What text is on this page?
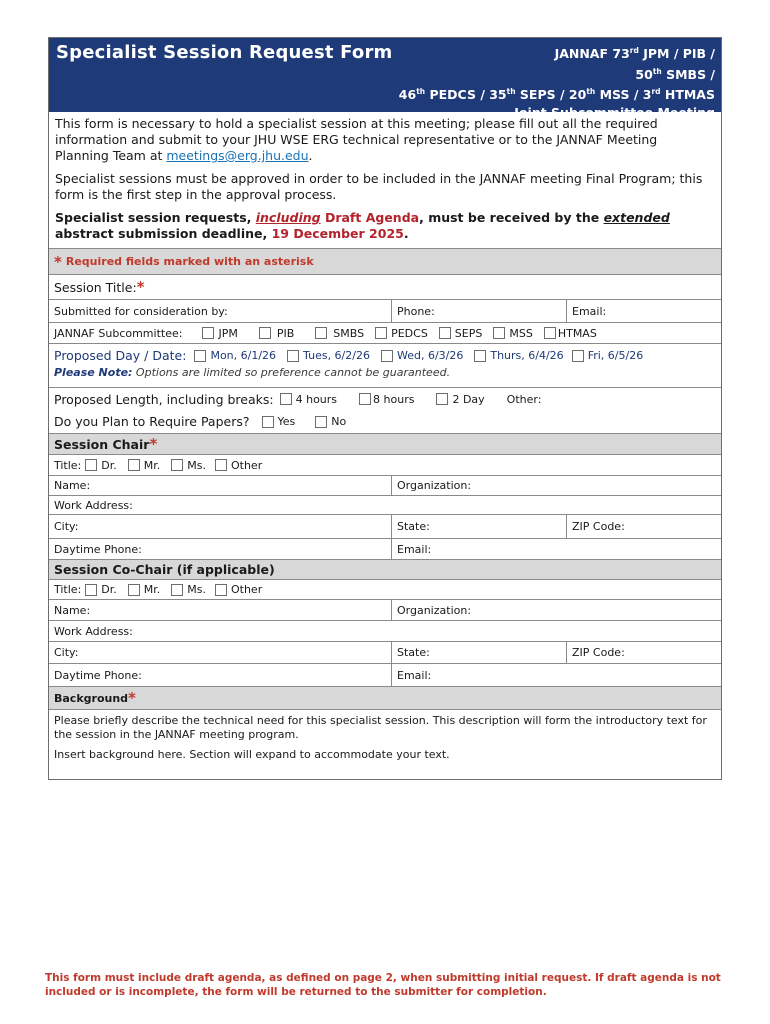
Specialist Session Request Form	JANNAF 73rd JPM / PIB /
50th SMBS /
46th PEDCS / 35th SEPS / 20th MSS / 3rd HTMAS
Joint Subcommittee Meeting

This form is necessary to hold a specialist session at this meeting; please fill out all the required information and submit to your JHU WSE ERG technical representative or to the JANNAF Meeting Planning Team at meetings@erg.jhu.edu.

Specialist sessions must be approved in order to be included in the JANNAF meeting Final Program; this form is the first step in the approval process.

Specialist session requests, including Draft Agenda, must be received by the extended abstract submission deadline, 19 December 2025.

* Required fields marked with an asterisk
Session Title: *
Submitted for consideration by:	Phone:	Email:
JANNAF Subcommittee:	JPM	PIB	SMBS PEDCS SEPS MSS HTMAS
Proposed Day / Date: Mon, 6/1/26 Tues, 6/2/26 Wed, 6/3/26 Thurs, 6/4/26 Fri, 6/5/26
Please Note: Options are limited so preference cannot be guaranteed.
Proposed Length, including breaks: 4 hours	8 hours	2 Day Other:
Do you Plan to Require Papers?	Yes	No
Session Chair *
Title: Dr. Mr. Ms. Other
Name:	Organization:
Work Address:
City:	State:	ZIP Code:
Daytime Phone:	Email:
Session Co-Chair (if applicable)
Title: Dr. Mr. Ms. Other
Name:	Organization:
Work Address:
City:	State:	ZIP Code:
Daytime Phone:	Email:
Background *
Please briefly describe the technical need for this specialist session. This description will form the introductory text for the session in the JANNAF meeting program.
Insert background here. Section will expand to accommodate your text.
This form must include draft agenda, as defined on page 2, when submitting initial request. If draft agenda is not included or is incomplete, the form will be returned to the submitter for completion.
